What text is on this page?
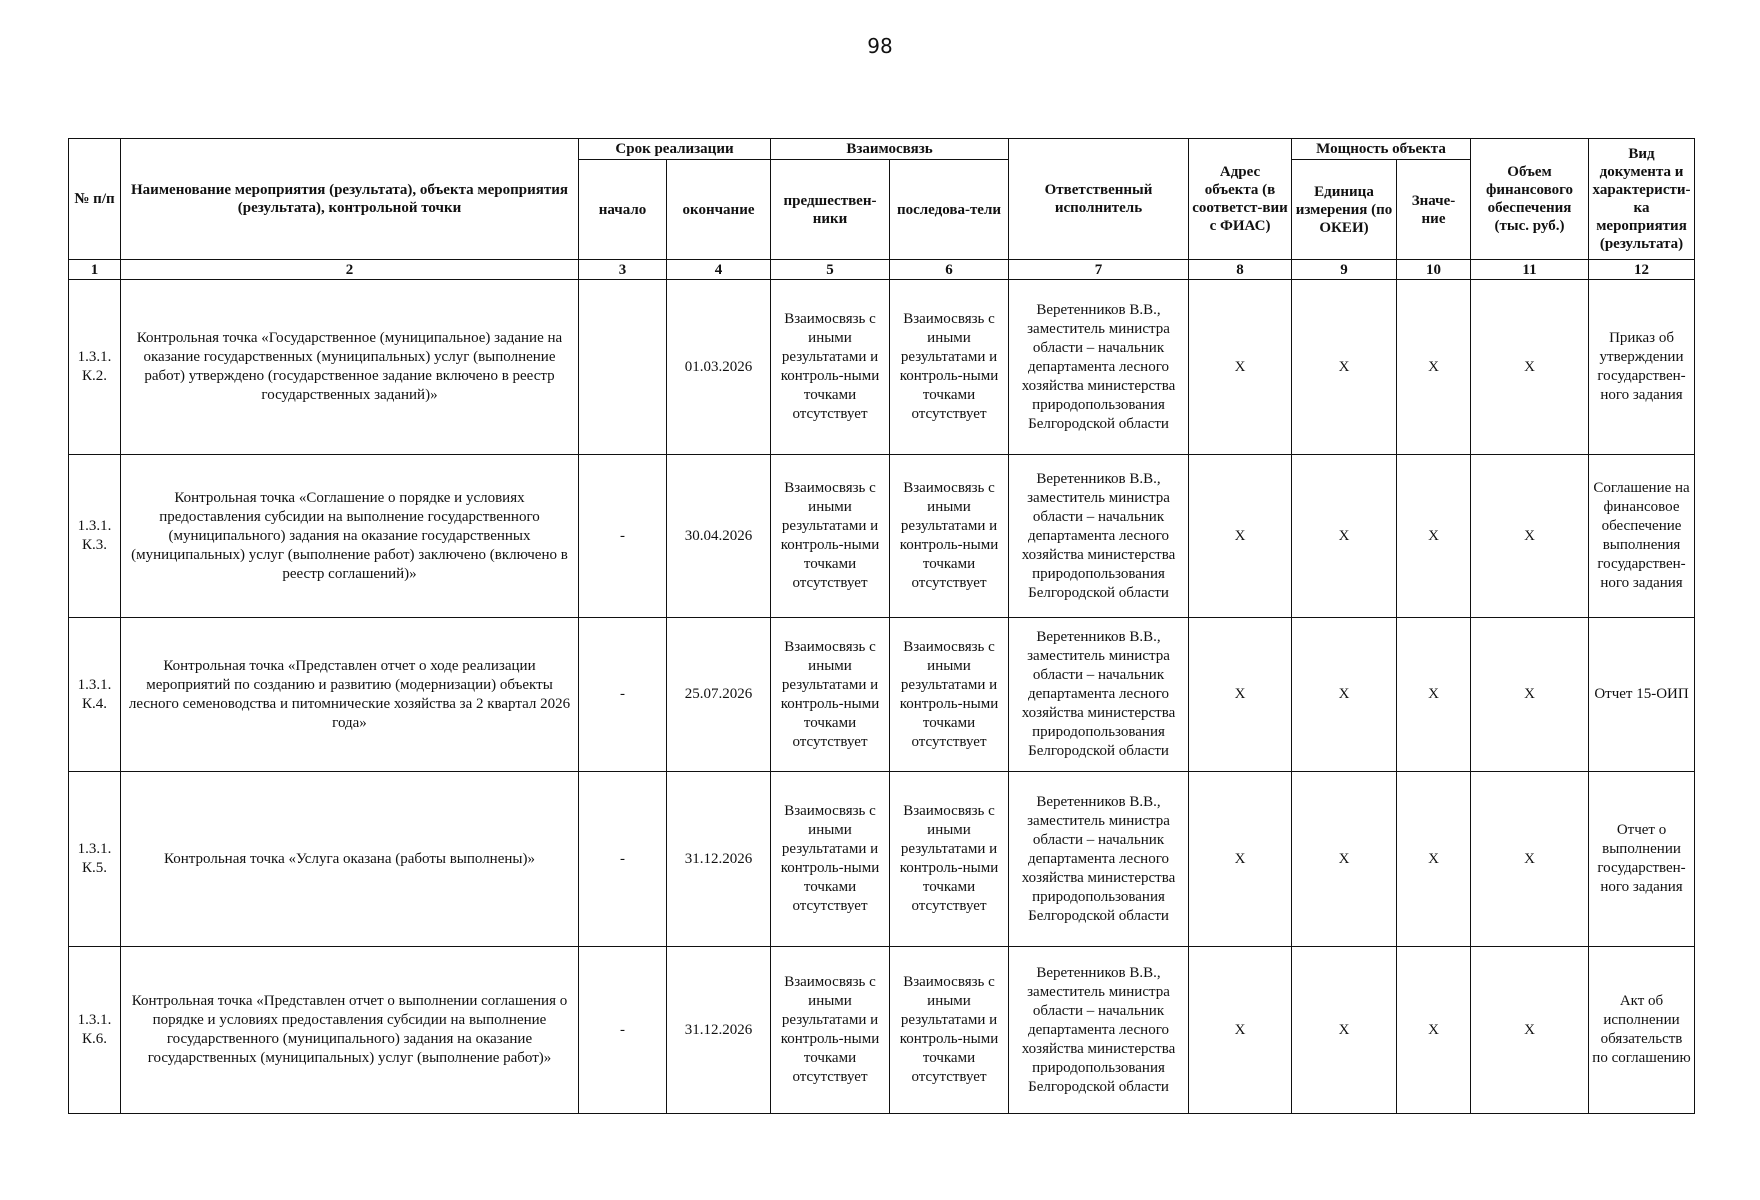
98
№ п/п	Наименование мероприятия (результата), объекта мероприятия (результата), контрольной точки	Срок реализации		Взаимосвязь		Ответственный исполнитель	Адрес объекта (в соответст-вии с ФИАС)	Мощность объекта		Объем финансового обеспечения (тыс. руб.)	Вид документа и характеристи-ка мероприятия (результата)
		начало	окончание	предшествен-ники	последова-тели			Единица измерения (по ОКЕИ)	Значе-ние		
1	2	3	4	5	6	7	8	9	10	11	12
1.3.1. К.2.	Контрольная точка «Государственное (муниципальное) задание на оказание государственных (муниципальных) услуг (выполнение работ) утверждено (государственное задание включено в реестр государственных заданий)»		01.03.2026	Взаимосвязь с иными результатами и контроль-ными точками отсутствует	Взаимосвязь с иными результатами и контроль-ными точками отсутствует	Веретенников В.В., заместитель министра области – начальник департамента лесного хозяйства министерства природопользования Белгородской области	X	X	X	X	Приказ об утверждении государствен-ного задания
1.3.1. К.3.	Контрольная точка «Соглашение о порядке и условиях предоставления субсидии на выполнение государственного (муниципального) задания на оказание государственных (муниципальных) услуг (выполнение работ) заключено (включено в реестр соглашений)»	-	30.04.2026	Взаимосвязь с иными результатами и контроль-ными точками отсутствует	Взаимосвязь с иными результатами и контроль-ными точками отсутствует	Веретенников В.В., заместитель министра области – начальник департамента лесного хозяйства министерства природопользования Белгородской области	X	X	X	X	Соглашение на финансовое обеспечение выполнения государствен-ного задания
1.3.1. К.4.	Контрольная точка «Представлен отчет о ходе реализации мероприятий по созданию и развитию (модернизации) объекты лесного семеноводства и питомнические хозяйства за 2 квартал 2026 года»	-	25.07.2026	Взаимосвязь с иными результатами и контроль-ными точками отсутствует	Взаимосвязь с иными результатами и контроль-ными точками отсутствует	Веретенников В.В., заместитель министра области – начальник департамента лесного хозяйства министерства природопользования Белгородской области	X	X	X	X	Отчет 15-ОИП
1.3.1. К.5.	Контрольная точка «Услуга оказана (работы выполнены)»	-	31.12.2026	Взаимосвязь с иными результатами и контроль-ными точками отсутствует	Взаимосвязь с иными результатами и контроль-ными точками отсутствует	Веретенников В.В., заместитель министра области – начальник департамента лесного хозяйства министерства природопользования Белгородской области	X	X	X	X	Отчет о выполнении государствен-ного задания
1.3.1. К.6.	Контрольная точка «Представлен отчет о выполнении соглашения о порядке и условиях предоставления субсидии на выполнение государственного (муниципального) задания на оказание государственных (муниципальных) услуг (выполнение работ)»	-	31.12.2026	Взаимосвязь с иными результатами и контроль-ными точками отсутствует	Взаимосвязь с иными результатами и контроль-ными точками отсутствует	Веретенников В.В., заместитель министра области – начальник департамента лесного хозяйства министерства природопользования Белгородской области	X	X	X	X	Акт об исполнении обязательств по соглашению
